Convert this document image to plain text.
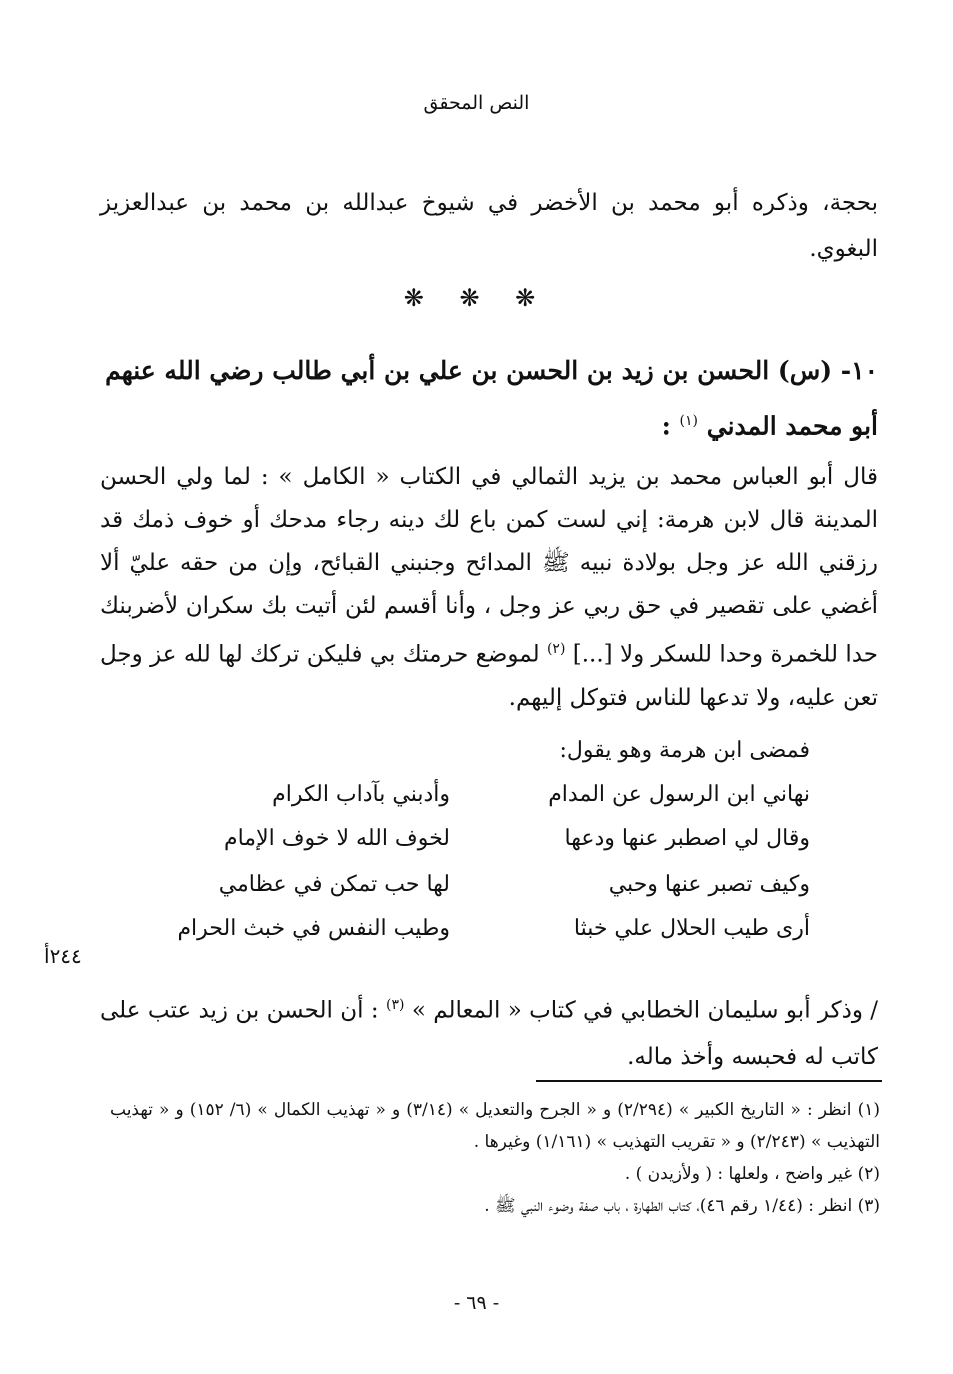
النص المحقق
بحجة، وذكره أبو محمد بن الأخضر في شيوخ عبدالله بن محمد بن عبدالعزيز البغوي.
❋ ❋ ❋
١٠- (س) الحسن بن زيد بن الحسن بن علي بن أبي طالب رضي الله عنهم أبو محمد المدني $^{(١)}$ :
قال أبو العباس محمد بن يزيد الثمالي في الكتاب « الكامل » : لما ولي الحسن المدينة قال لابن هرمة: إني لست كمن باع لك دينه رجاء مدحك أو خوف ذمك قد رزقني الله عز وجل بولادة نبيه ﷺ المدائح وجنبني القبائح، وإن من حقه عليّ ألا أغضي على تقصير في حق ربي عز وجل ، وأنا أقسم لئن أتيت بك سكران لأضربنك حدا للخمرة وحدا للسكر ولا [...] $^{(٢)}$ لموضع حرمتك بي فليكن تركك لها لله عز وجل تعن عليه، ولا تدعها للناس فتوكل إليهم.
فمضى ابن هرمة وهو يقول:
نهاني ابن الرسول عن المدام
وأدبني بآداب الكرام
وقال لي اصطبر عنها ودعها
لخوف الله لا خوف الإمام
وكيف تصبر عنها وحبي
لها حب تمكن في عظامي
أرى طيب الحلال علي خبثا
وطيب النفس في خبث الحرام
٢٤٤أ
/ وذكر أبو سليمان الخطابي في كتاب « المعالم » $^{(٣)}$ : أن الحسن بن زيد عتب على كاتب له فحبسه وأخذ ماله.

(١) انظر : « التاريخ الكبير » (٢/٢٩٤) و « الجرح والتعديل » (٣/١٤) و « تهذيب الكمال » (٦/ ١٥٢) و « تهذيب التهذيب » (٢/٢٤٣) و « تقريب التهذيب » (١/١٦١) وغيرها .

(٢) غير واضح ، ولعلها : ( ولأزيدن ) .

(٣) انظر : (١/٤٤ رقم ٤٦)، كتاب الطهارة ، باب صفة وضوء النبي ﷺ .

- ٦٩ -
